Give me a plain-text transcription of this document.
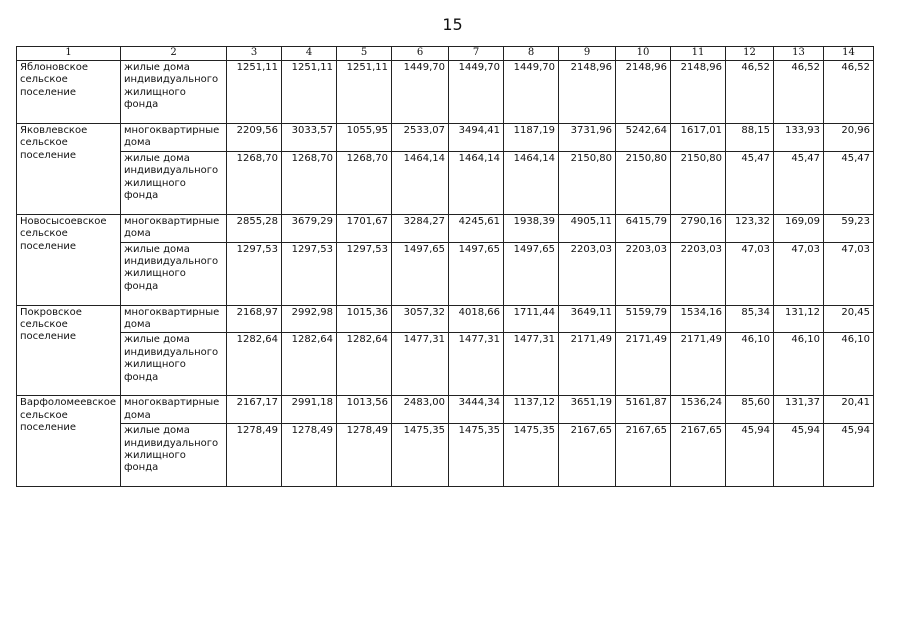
15
1	2	3	4	5	6	7	8	9	10	11	12	13	14
Яблоновское сельское поселение	жилые дома индивидуального жилищного фонда	1251,11	1251,11	1251,11	1449,70	1449,70	1449,70	2148,96	2148,96	2148,96	46,52	46,52	46,52
Яковлевское сельское поселение	многоквартирные дома	2209,56	3033,57	1055,95	2533,07	3494,41	1187,19	3731,96	5242,64	1617,01	88,15	133,93	20,96
	жилые дома индивидуального жилищного фонда	1268,70	1268,70	1268,70	1464,14	1464,14	1464,14	2150,80	2150,80	2150,80	45,47	45,47	45,47
Новосысоевское сельское поселение	многоквартирные дома	2855,28	3679,29	1701,67	3284,27	4245,61	1938,39	4905,11	6415,79	2790,16	123,32	169,09	59,23
	жилые дома индивидуального жилищного фонда	1297,53	1297,53	1297,53	1497,65	1497,65	1497,65	2203,03	2203,03	2203,03	47,03	47,03	47,03
Покровское сельское поселение	многоквартирные дома	2168,97	2992,98	1015,36	3057,32	4018,66	1711,44	3649,11	5159,79	1534,16	85,34	131,12	20,45
	жилые дома индивидуального жилищного фонда	1282,64	1282,64	1282,64	1477,31	1477,31	1477,31	2171,49	2171,49	2171,49	46,10	46,10	46,10
Варфоломеевское сельское поселение	многоквартирные дома	2167,17	2991,18	1013,56	2483,00	3444,34	1137,12	3651,19	5161,87	1536,24	85,60	131,37	20,41
	жилые дома индивидуального жилищного фонда	1278,49	1278,49	1278,49	1475,35	1475,35	1475,35	2167,65	2167,65	2167,65	45,94	45,94	45,94
